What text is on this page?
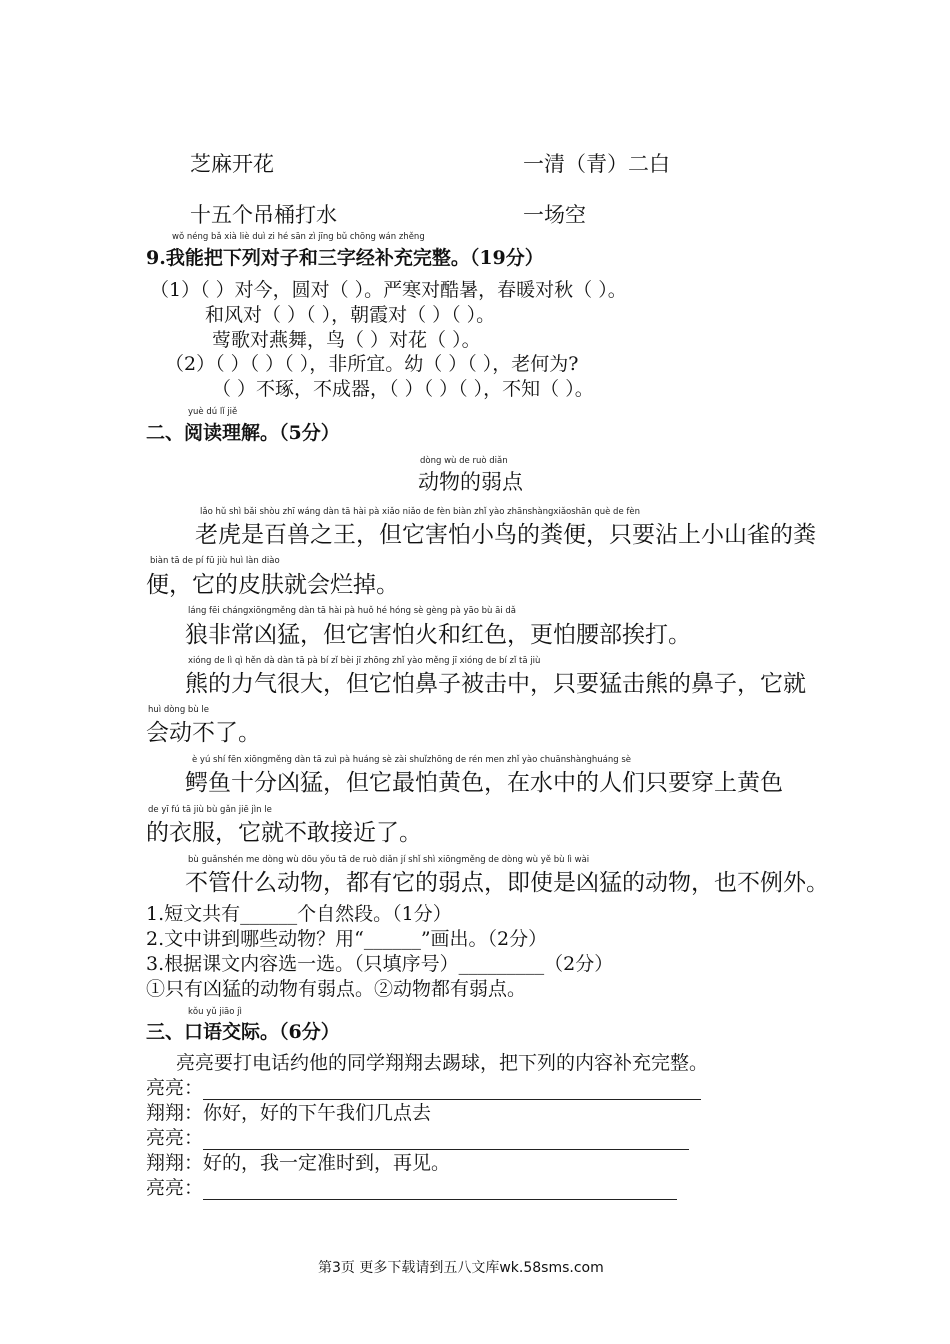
芝麻开花	一清（青）二白
十五个吊桶打水	一场空
wǒ néng bǎ xià liè duì zi hé sān zì jīng bǔ chōng wán zhěng
9.我能把下列对子和三字经补充完整。（19分）
（1）（ ）对今，圆对（ ）。严寒对酷暑，春暖对秋（ ）。
和风对（ ）（ ），朝霞对（ ）（ ）。
莺歌对燕舞，鸟（ ）对花（ ）。
（2）（ ）（ ）（ ），非所宜。幼（ ）（ ），老何为?
（ ）不琢，不成器，（ ）（ ）（ ），不知（ ）。
yuè dú lǐ jiě
二、阅读理解。（5分）
dòng wù de ruò diǎn
动物的弱点
lǎo hǔ shì bǎi shòu zhī wáng dàn tā hài pà xiǎo niǎo de fèn biàn zhǐ yào zhānshàngxiǎoshān què de fèn
老虎是百兽之王，但它害怕小鸟的粪便，只要沾上小山雀的粪
biàn tā de pí fū jiù huì làn diào
便，它的皮肤就会烂掉。
láng fēi chángxiōngměng dàn tā hài pà huǒ hé hóng sè gèng pà yāo bù āi dǎ
狼非常凶猛，但它害怕火和红色，更怕腰部挨打。
xióng de lì qì hěn dà dàn tā pà bí zǐ bèi jī zhōng zhǐ yào měng jī xióng de bí zǐ tā jiù
熊的力气很大，但它怕鼻子被击中，只要猛击熊的鼻子，它就
huì dòng bù le
会动不了。
è yú shí fēn xiōngměng dàn tā zuì pà huáng sè zài shuǐzhōng de rén men zhǐ yào chuānshànghuáng sè
鳄鱼十分凶猛，但它最怕黄色，在水中的人们只要穿上黄色
de yī fú tā jiù bù gǎn jiē jìn le
的衣服，它就不敢接近了。
bù guǎnshén me dòng wù dōu yǒu tā de ruò diǎn jí shǐ shì xiōngměng de dòng wù yě bù lì wài
不管什么动物，都有它的弱点，即使是凶猛的动物，也不例外。
1.短文共有______个自然段。（1分）
2.文中讲到哪些动物？用“______”画出。（2分）
3.根据课文内容选一选。（只填序号）_________（2分）
①只有凶猛的动物有弱点。②动物都有弱点。
kǒu yǔ jiāo jì
三、口语交际。（6分）
亮亮要打电话约他的同学翔翔去踢球，把下列的内容补充完整。
亮亮：
翔翔：你好，好的下午我们几点去
亮亮：
翔翔：好的，我一定准时到，再见。
亮亮：
第3页 更多下载请到五八文库wk.58sms.com
